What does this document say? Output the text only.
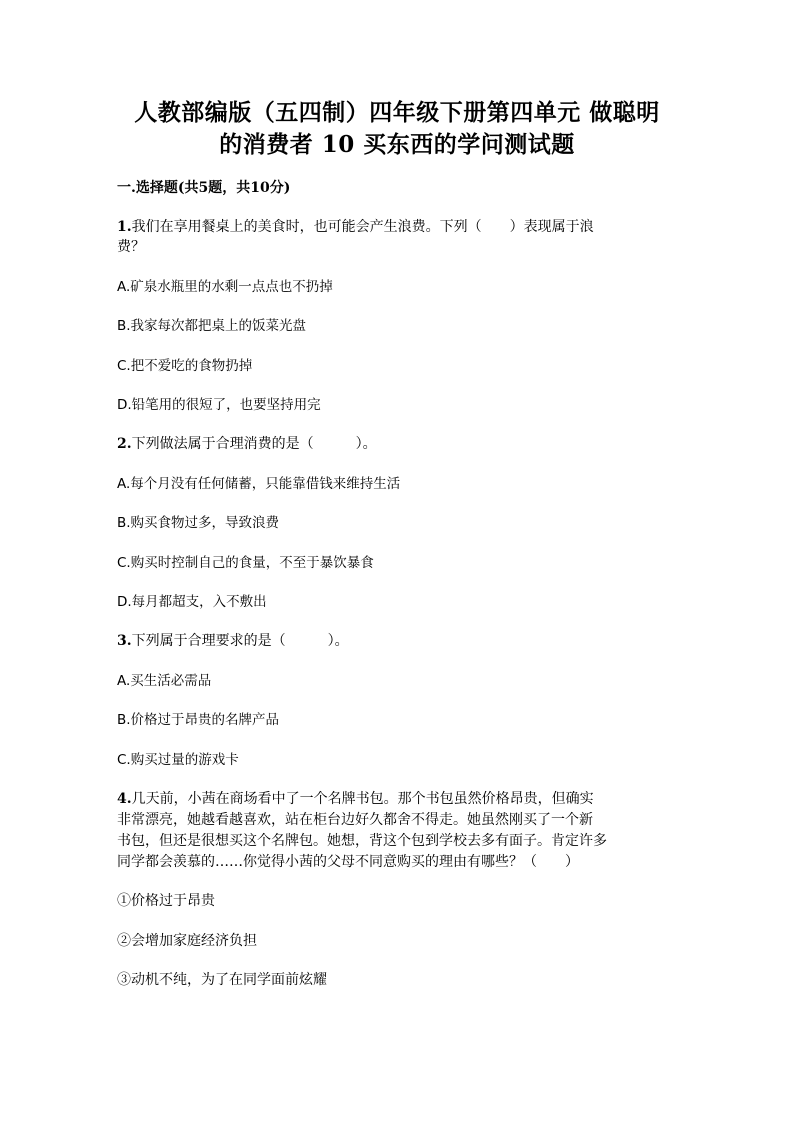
人教部编版（五四制）四年级下册第四单元 做聪明
的消费者 10 买东西的学问测试题
一.选择题(共5题，共10分)
1.我们在享用餐桌上的美食时，也可能会产生浪费。下列（　　）表现属于浪
费？
A.矿泉水瓶里的水剩一点点也不扔掉
B.我家每次都把桌上的饭菜光盘
C.把不爱吃的食物扔掉
D.铅笔用的很短了，也要坚持用完
2.下列做法属于合理消费的是（　　　）。
A.每个月没有任何储蓄，只能靠借钱来维持生活
B.购买食物过多，导致浪费
C.购买时控制自己的食量，不至于暴饮暴食
D.每月都超支，入不敷出
3.下列属于合理要求的是（　　　）。
A.买生活必需品
B.价格过于昂贵的名牌产品
C.购买过量的游戏卡
4.几天前，小茜在商场看中了一个名牌书包。那个书包虽然价格昂贵，但确实
非常漂亮，她越看越喜欢，站在柜台边好久都舍不得走。她虽然刚买了一个新
书包，但还是很想买这个名牌包。她想，背这个包到学校去多有面子。肯定许多
同学都会羡慕的……你觉得小茜的父母不同意购买的理由有哪些？（　　）
①价格过于昂贵
②会增加家庭经济负担
③动机不纯，为了在同学面前炫耀
